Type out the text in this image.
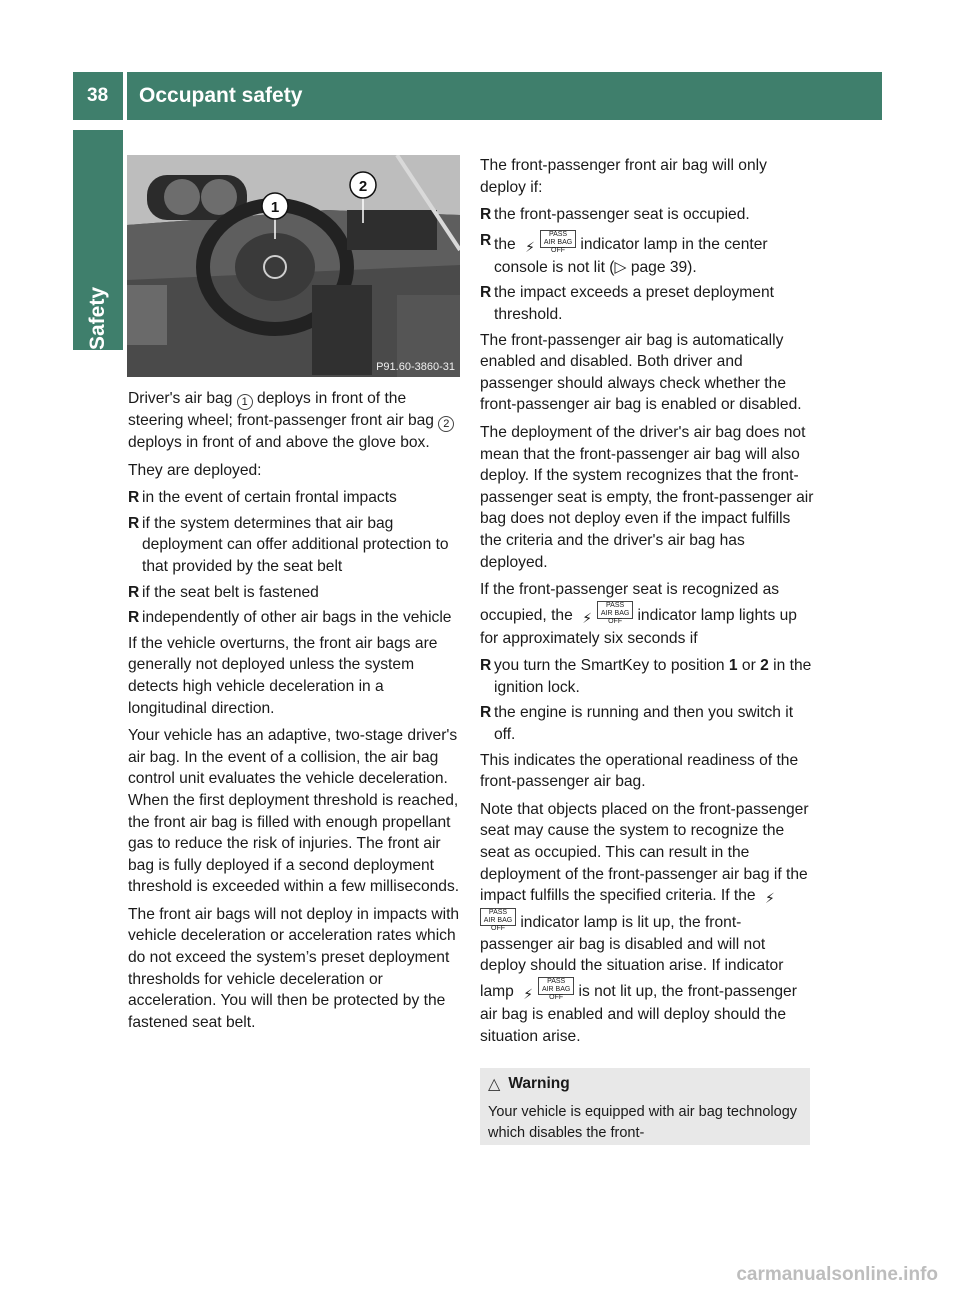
38	Occupant safety
Safety
1
2
P91.60-3860-31

Driver's air bag 1 deploys in front of the steering wheel; front-passenger front air bag 2 deploys in front of and above the glove box.

They are deployed:

R in the event of certain frontal impacts
R if the system determines that air bag deployment can offer additional protection to that provided by the seat belt
R if the seat belt is fastened
R independently of other air bags in the vehicle

If the vehicle overturns, the front air bags are generally not deployed unless the system detects high vehicle deceleration in a longitudinal direction.

Your vehicle has an adaptive, two-stage driver's air bag. In the event of a collision, the air bag control unit evaluates the vehicle deceleration. When the first deployment threshold is reached, the front air bag is filled with enough propellant gas to reduce the risk of injuries. The front air bag is fully deployed if a second deployment threshold is exceeded within a few milliseconds.

The front air bags will not deploy in impacts with vehicle deceleration or acceleration rates which do not exceed the system’s preset deployment thresholds for vehicle deceleration or acceleration. You will then be protected by the fastened seat belt.

The front-passenger front air bag will only deploy if:

R the front-passenger seat is occupied.
R the ⚡PASS
AIR BAG OFF indicator lamp in the center console is not lit (▷ page 39).
R the impact exceeds a preset deployment threshold.

The front-passenger air bag is automatically enabled and disabled. Both driver and passenger should always check whether the front-passenger air bag is enabled or disabled.

The deployment of the driver's air bag does not mean that the front-passenger air bag will also deploy. If the system recognizes that the front-passenger seat is empty, the front-passenger air bag does not deploy even if the impact fulfills the criteria and the driver's air bag has deployed.

If the front-passenger seat is recognized as occupied, the ⚡PASS
AIR BAG OFF indicator lamp lights up for approximately six seconds if

R you turn the SmartKey to position 1 or 2 in the ignition lock.
R the engine is running and then you switch it off.

This indicates the operational readiness of the front-passenger air bag.

Note that objects placed on the front-passenger seat may cause the system to recognize the seat as occupied. This can result in the deployment of the front-passenger air bag if the impact fulfills the specified criteria. If the ⚡PASS
AIR BAG OFF indicator lamp is lit up, the front-passenger air bag is disabled and will not deploy should the situation arise. If indicator lamp ⚡PASS
AIR BAG OFF is not lit up, the front-passenger air bag is enabled and will deploy should the situation arise.

△ Warning
Your vehicle is equipped with air bag technology which disables the front-
carmanualsonline.info
